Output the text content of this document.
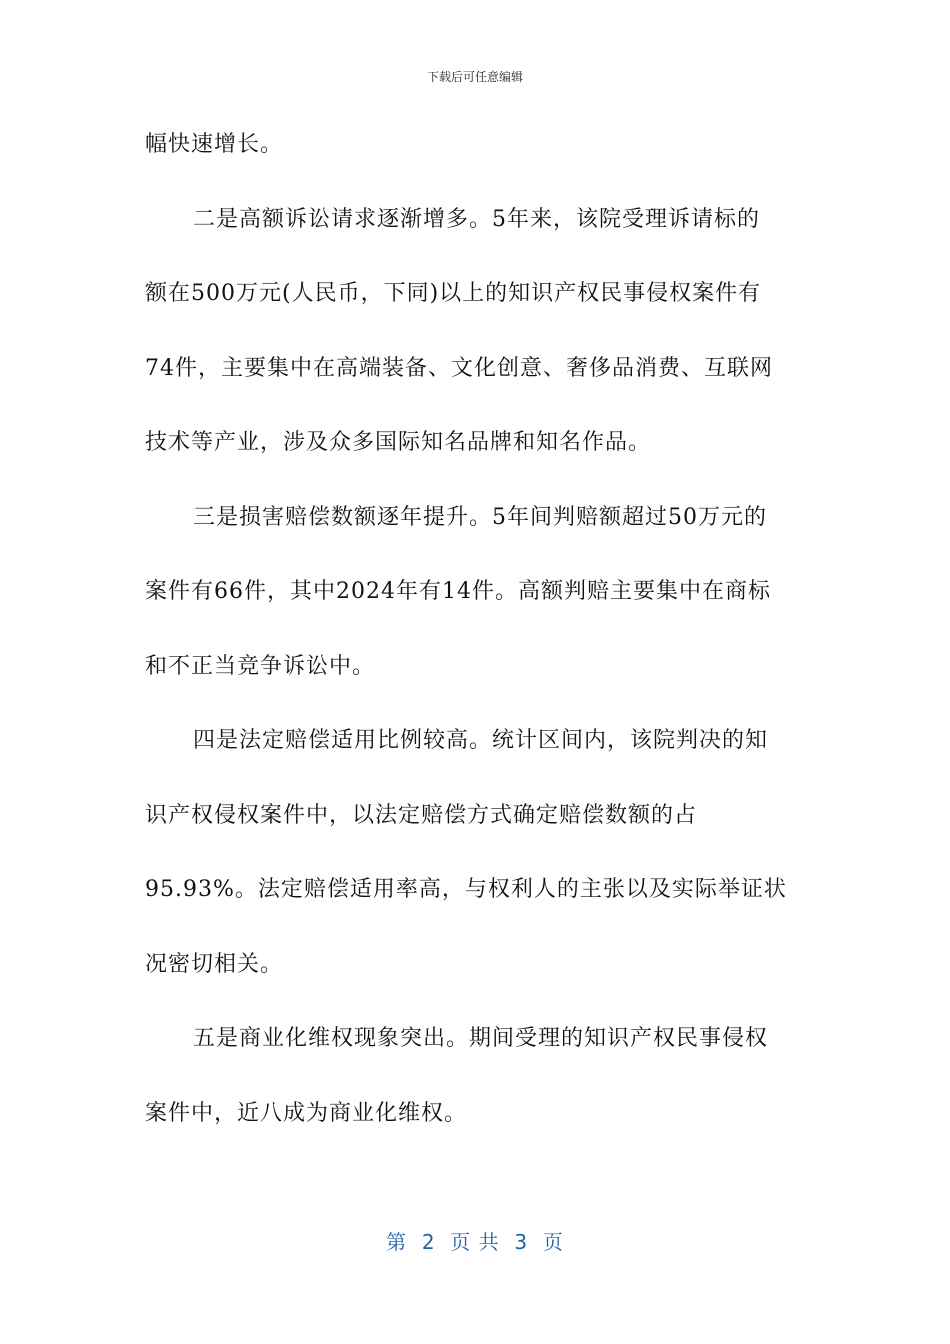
下载后可任意编辑
幅快速增长。
二是高额诉讼请求逐渐增多。5年来，该院受理诉请标的
额在500万元(人民币，下同)以上的知识产权民事侵权案件有
74件，主要集中在高端装备、文化创意、奢侈品消费、互联网
技术等产业，涉及众多国际知名品牌和知名作品。
三是损害赔偿数额逐年提升。5年间判赔额超过50万元的
案件有66件，其中2024年有14件。高额判赔主要集中在商标
和不正当竞争诉讼中。
四是法定赔偿适用比例较高。统计区间内，该院判决的知
识产权侵权案件中，以法定赔偿方式确定赔偿数额的占
95.93%。法定赔偿适用率高，与权利人的主张以及实际举证状
况密切相关。
五是商业化维权现象突出。期间受理的知识产权民事侵权
案件中，近八成为商业化维权。
第  2  页 共  3  页
